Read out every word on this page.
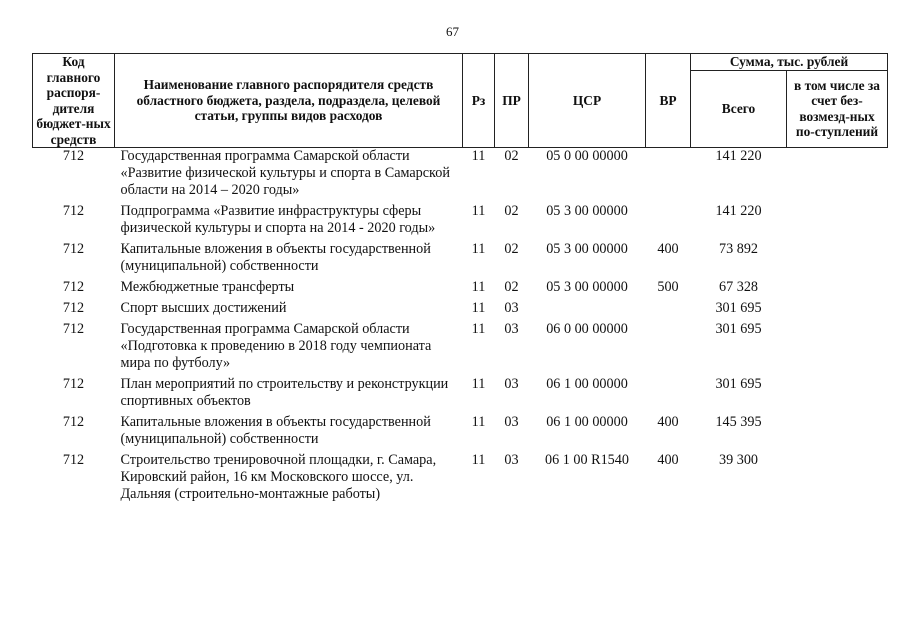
67
Код главного распоря-дителя бюджет-ных средств	Наименование главного распорядителя средств областного бюджета, раздела, подраздела, целевой статьи, группы видов расходов	Рз	ПР	ЦСР	ВР	Сумма, тыс. рублей	
						Всего	в том числе за счет без-возмезд-ных по-ступлений
712	Государственная программа Самарской области «Развитие физической культуры и спорта в Самарской области на 2014 – 2020 годы»	11	02	05 0 00 00000		141 220	
712	Подпрограмма «Развитие инфраструктуры сферы физической культуры и спорта на 2014 - 2020 годы»	11	02	05 3 00 00000		141 220	
712	Капитальные вложения в объекты государственной (муниципальной) собственности	11	02	05 3 00 00000	400	73 892	
712	Межбюджетные трансферты	11	02	05 3 00 00000	500	67 328	
712	Спорт высших достижений	11	03			301 695	
712	Государственная программа Самарской области «Подготовка к проведению в 2018 году чемпионата мира по футболу»	11	03	06 0 00 00000		301 695	
712	План мероприятий по строительству и реконструкции спортивных объектов	11	03	06 1 00 00000		301 695	
712	Капитальные вложения в объекты государственной (муниципальной) собственности	11	03	06 1 00 00000	400	145 395	
712	Строительство тренировочной площадки, г. Самара, Кировский район, 16 км Московского шоссе, ул. Дальняя (строительно-монтажные работы)	11	03	06 1 00 R1540	400	39 300	
